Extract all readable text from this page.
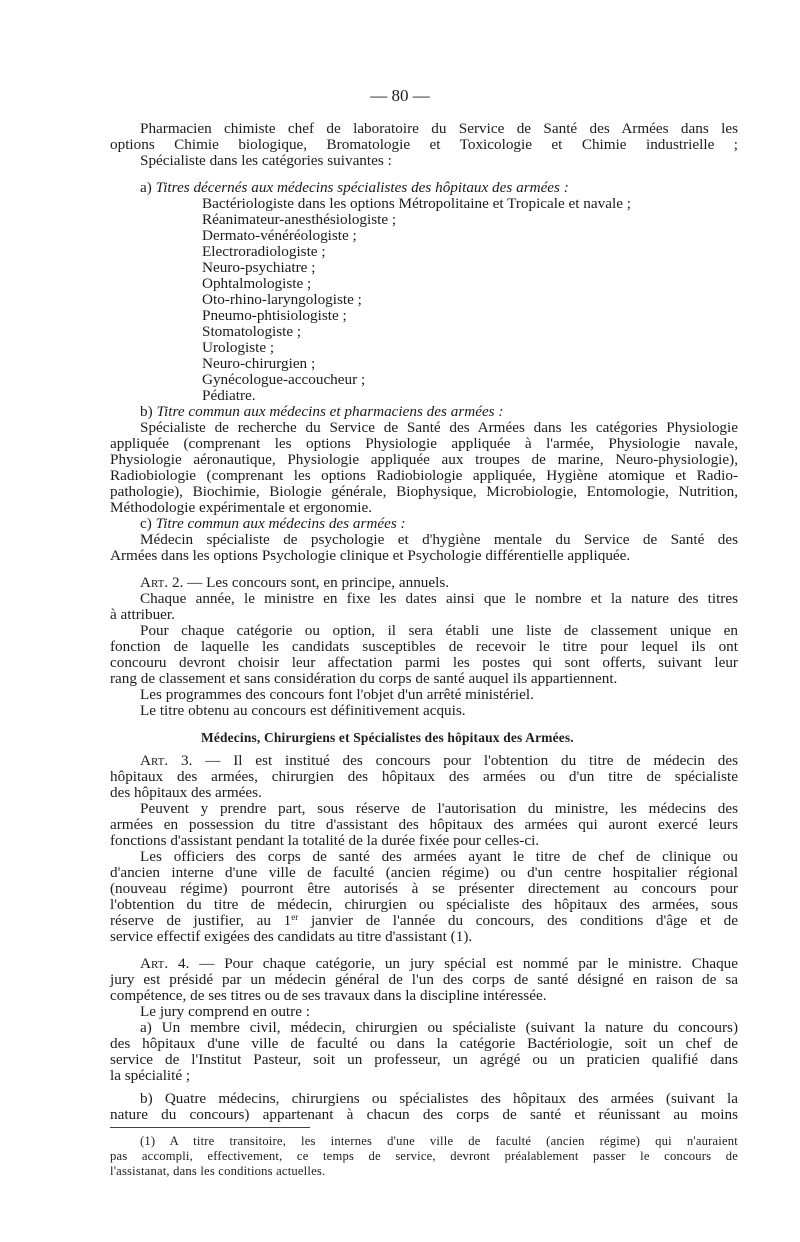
— 80 —
Pharmacien chimiste chef de laboratoire du Service de Santé des Armées dans les
options Chimie biologique, Bromatologie et Toxicologie et Chimie industrielle ;
Spécialiste dans les catégories suivantes :
a) Titres décernés aux médecins spécialistes des hôpitaux des armées :
Bactériologiste dans les options Métropolitaine et Tropicale et navale ;
Réanimateur-anesthésiologiste ;
Dermato-vénéréologiste ;
Electroradiologiste ;
Neuro-psychiatre ;
Ophtalmologiste ;
Oto-rhino-laryngologiste ;
Pneumo-phtisiologiste ;
Stomatologiste ;
Urologiste ;
Neuro-chirurgien ;
Gynécologue-accoucheur ;
Pédiatre.
b) Titre commun aux médecins et pharmaciens des armées :
Spécialiste de recherche du Service de Santé des Armées dans les catégories Physiologie
appliquée (comprenant les options Physiologie appliquée à l'armée, Physiologie navale,
Physiologie aéronautique, Physiologie appliquée aux troupes de marine, Neuro-physiologie),
Radiobiologie (comprenant les options Radiobiologie appliquée, Hygiène atomique et Radio-
pathologie), Biochimie, Biologie générale, Biophysique, Microbiologie, Entomologie, Nutrition,
Méthodologie expérimentale et ergonomie.
c) Titre commun aux médecins des armées :
Médecin spécialiste de psychologie et d'hygiène mentale du Service de Santé des
Armées dans les options Psychologie clinique et Psychologie différentielle appliquée.
Art. 2. — Les concours sont, en principe, annuels.
Chaque année, le ministre en fixe les dates ainsi que le nombre et la nature des titres
à attribuer.
Pour chaque catégorie ou option, il sera établi une liste de classement unique en
fonction de laquelle les candidats susceptibles de recevoir le titre pour lequel ils ont
concouru devront choisir leur affectation parmi les postes qui sont offerts, suivant leur
rang de classement et sans considération du corps de santé auquel ils appartiennent.
Les programmes des concours font l'objet d'un arrêté ministériel.
Le titre obtenu au concours est définitivement acquis.
Médecins, Chirurgiens et Spécialistes des hôpitaux des Armées.
Art. 3. — Il est institué des concours pour l'obtention du titre de médecin des
hôpitaux des armées, chirurgien des hôpitaux des armées ou d'un titre de spécialiste
des hôpitaux des armées.
Peuvent y prendre part, sous réserve de l'autorisation du ministre, les médecins des
armées en possession du titre d'assistant des hôpitaux des armées qui auront exercé leurs
fonctions d'assistant pendant la totalité de la durée fixée pour celles-ci.
Les officiers des corps de santé des armées ayant le titre de chef de clinique ou
d'ancien interne d'une ville de faculté (ancien régime) ou d'un centre hospitalier régional
(nouveau régime) pourront être autorisés à se présenter directement au concours pour
l'obtention du titre de médecin, chirurgien ou spécialiste des hôpitaux des armées, sous
réserve de justifier, au 1er janvier de l'année du concours, des conditions d'âge et de
service effectif exigées des candidats au titre d'assistant (1).
Art. 4. — Pour chaque catégorie, un jury spécial est nommé par le ministre. Chaque
jury est présidé par un médecin général de l'un des corps de santé désigné en raison de sa
compétence, de ses titres ou de ses travaux dans la discipline intéressée.
Le jury comprend en outre :
a) Un membre civil, médecin, chirurgien ou spécialiste (suivant la nature du concours)
des hôpitaux d'une ville de faculté ou dans la catégorie Bactériologie, soit un chef de
service de l'Institut Pasteur, soit un professeur, un agrégé ou un praticien qualifié dans
la spécialité ;
b) Quatre médecins, chirurgiens ou spécialistes des hôpitaux des armées (suivant la
nature du concours) appartenant à chacun des corps de santé et réunissant au moins
(1) A titre transitoire, les internes d'une ville de faculté (ancien régime) qui n'auraient
pas accompli, effectivement, ce temps de service, devront préalablement passer le concours de
l'assistanat, dans les conditions actuelles.
